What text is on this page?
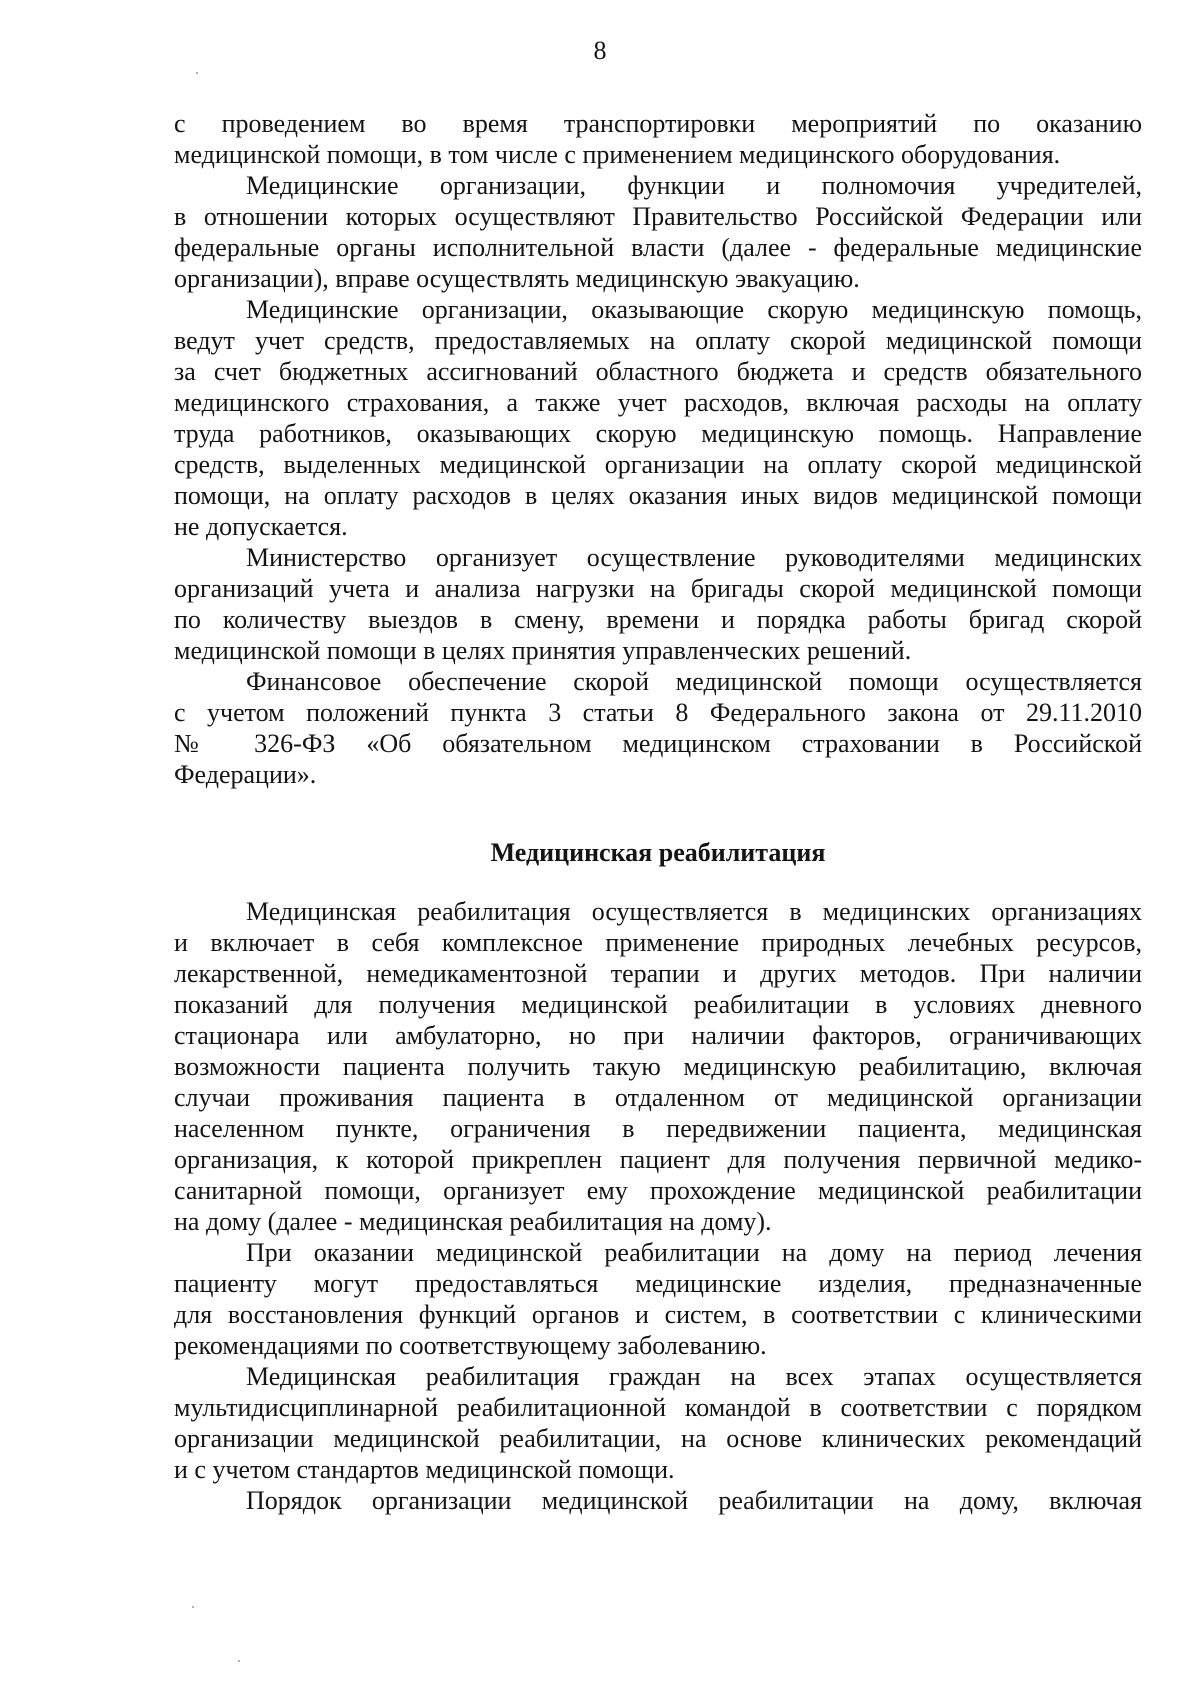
8
с проведением во время транспортировки мероприятий по оказанию
медицинской помощи, в том числе с применением медицинского оборудования.
Медицинские организации, функции и полномочия учредителей,
в отношении которых осуществляют Правительство Российской Федерации или
федеральные органы исполнительной власти (далее - федеральные медицинские
организации), вправе осуществлять медицинскую эвакуацию.
Медицинские организации, оказывающие скорую медицинскую помощь,
ведут учет средств, предоставляемых на оплату скорой медицинской помощи
за счет бюджетных ассигнований областного бюджета и средств обязательного
медицинского страхования, а также учет расходов, включая расходы на оплату
труда работников, оказывающих скорую медицинскую помощь. Направление
средств, выделенных медицинской организации на оплату скорой медицинской
помощи, на оплату расходов в целях оказания иных видов медицинской помощи
не допускается.
Министерство организует осуществление руководителями медицинских
организаций учета и анализа нагрузки на бригады скорой медицинской помощи
по количеству выездов в смену, времени и порядка работы бригад скорой
медицинской помощи в целях принятия управленческих решений.
Финансовое обеспечение скорой медицинской помощи осуществляется
с учетом положений пункта 3 статьи 8 Федерального закона от 29.11.2010
№ 326-ФЗ «Об обязательном медицинском страховании в Российской
Федерации».
Медицинская реабилитация
Медицинская реабилитация осуществляется в медицинских организациях
и включает в себя комплексное применение природных лечебных ресурсов,
лекарственной, немедикаментозной терапии и других методов. При наличии
показаний для получения медицинской реабилитации в условиях дневного
стационара или амбулаторно, но при наличии факторов, ограничивающих
возможности пациента получить такую медицинскую реабилитацию, включая
случаи проживания пациента в отдаленном от медицинской организации
населенном пункте, ограничения в передвижении пациента, медицинская
организация, к которой прикреплен пациент для получения первичной медико-
санитарной помощи, организует ему прохождение медицинской реабилитации
на дому (далее - медицинская реабилитация на дому).
При оказании медицинской реабилитации на дому на период лечения
пациенту могут предоставляться медицинские изделия, предназначенные
для восстановления функций органов и систем, в соответствии с клиническими
рекомендациями по соответствующему заболеванию.
Медицинская реабилитация граждан на всех этапах осуществляется
мультидисциплинарной реабилитационной командой в соответствии с порядком
организации медицинской реабилитации, на основе клинических рекомендаций
и с учетом стандартов медицинской помощи.
Порядок организации медицинской реабилитации на дому, включая
